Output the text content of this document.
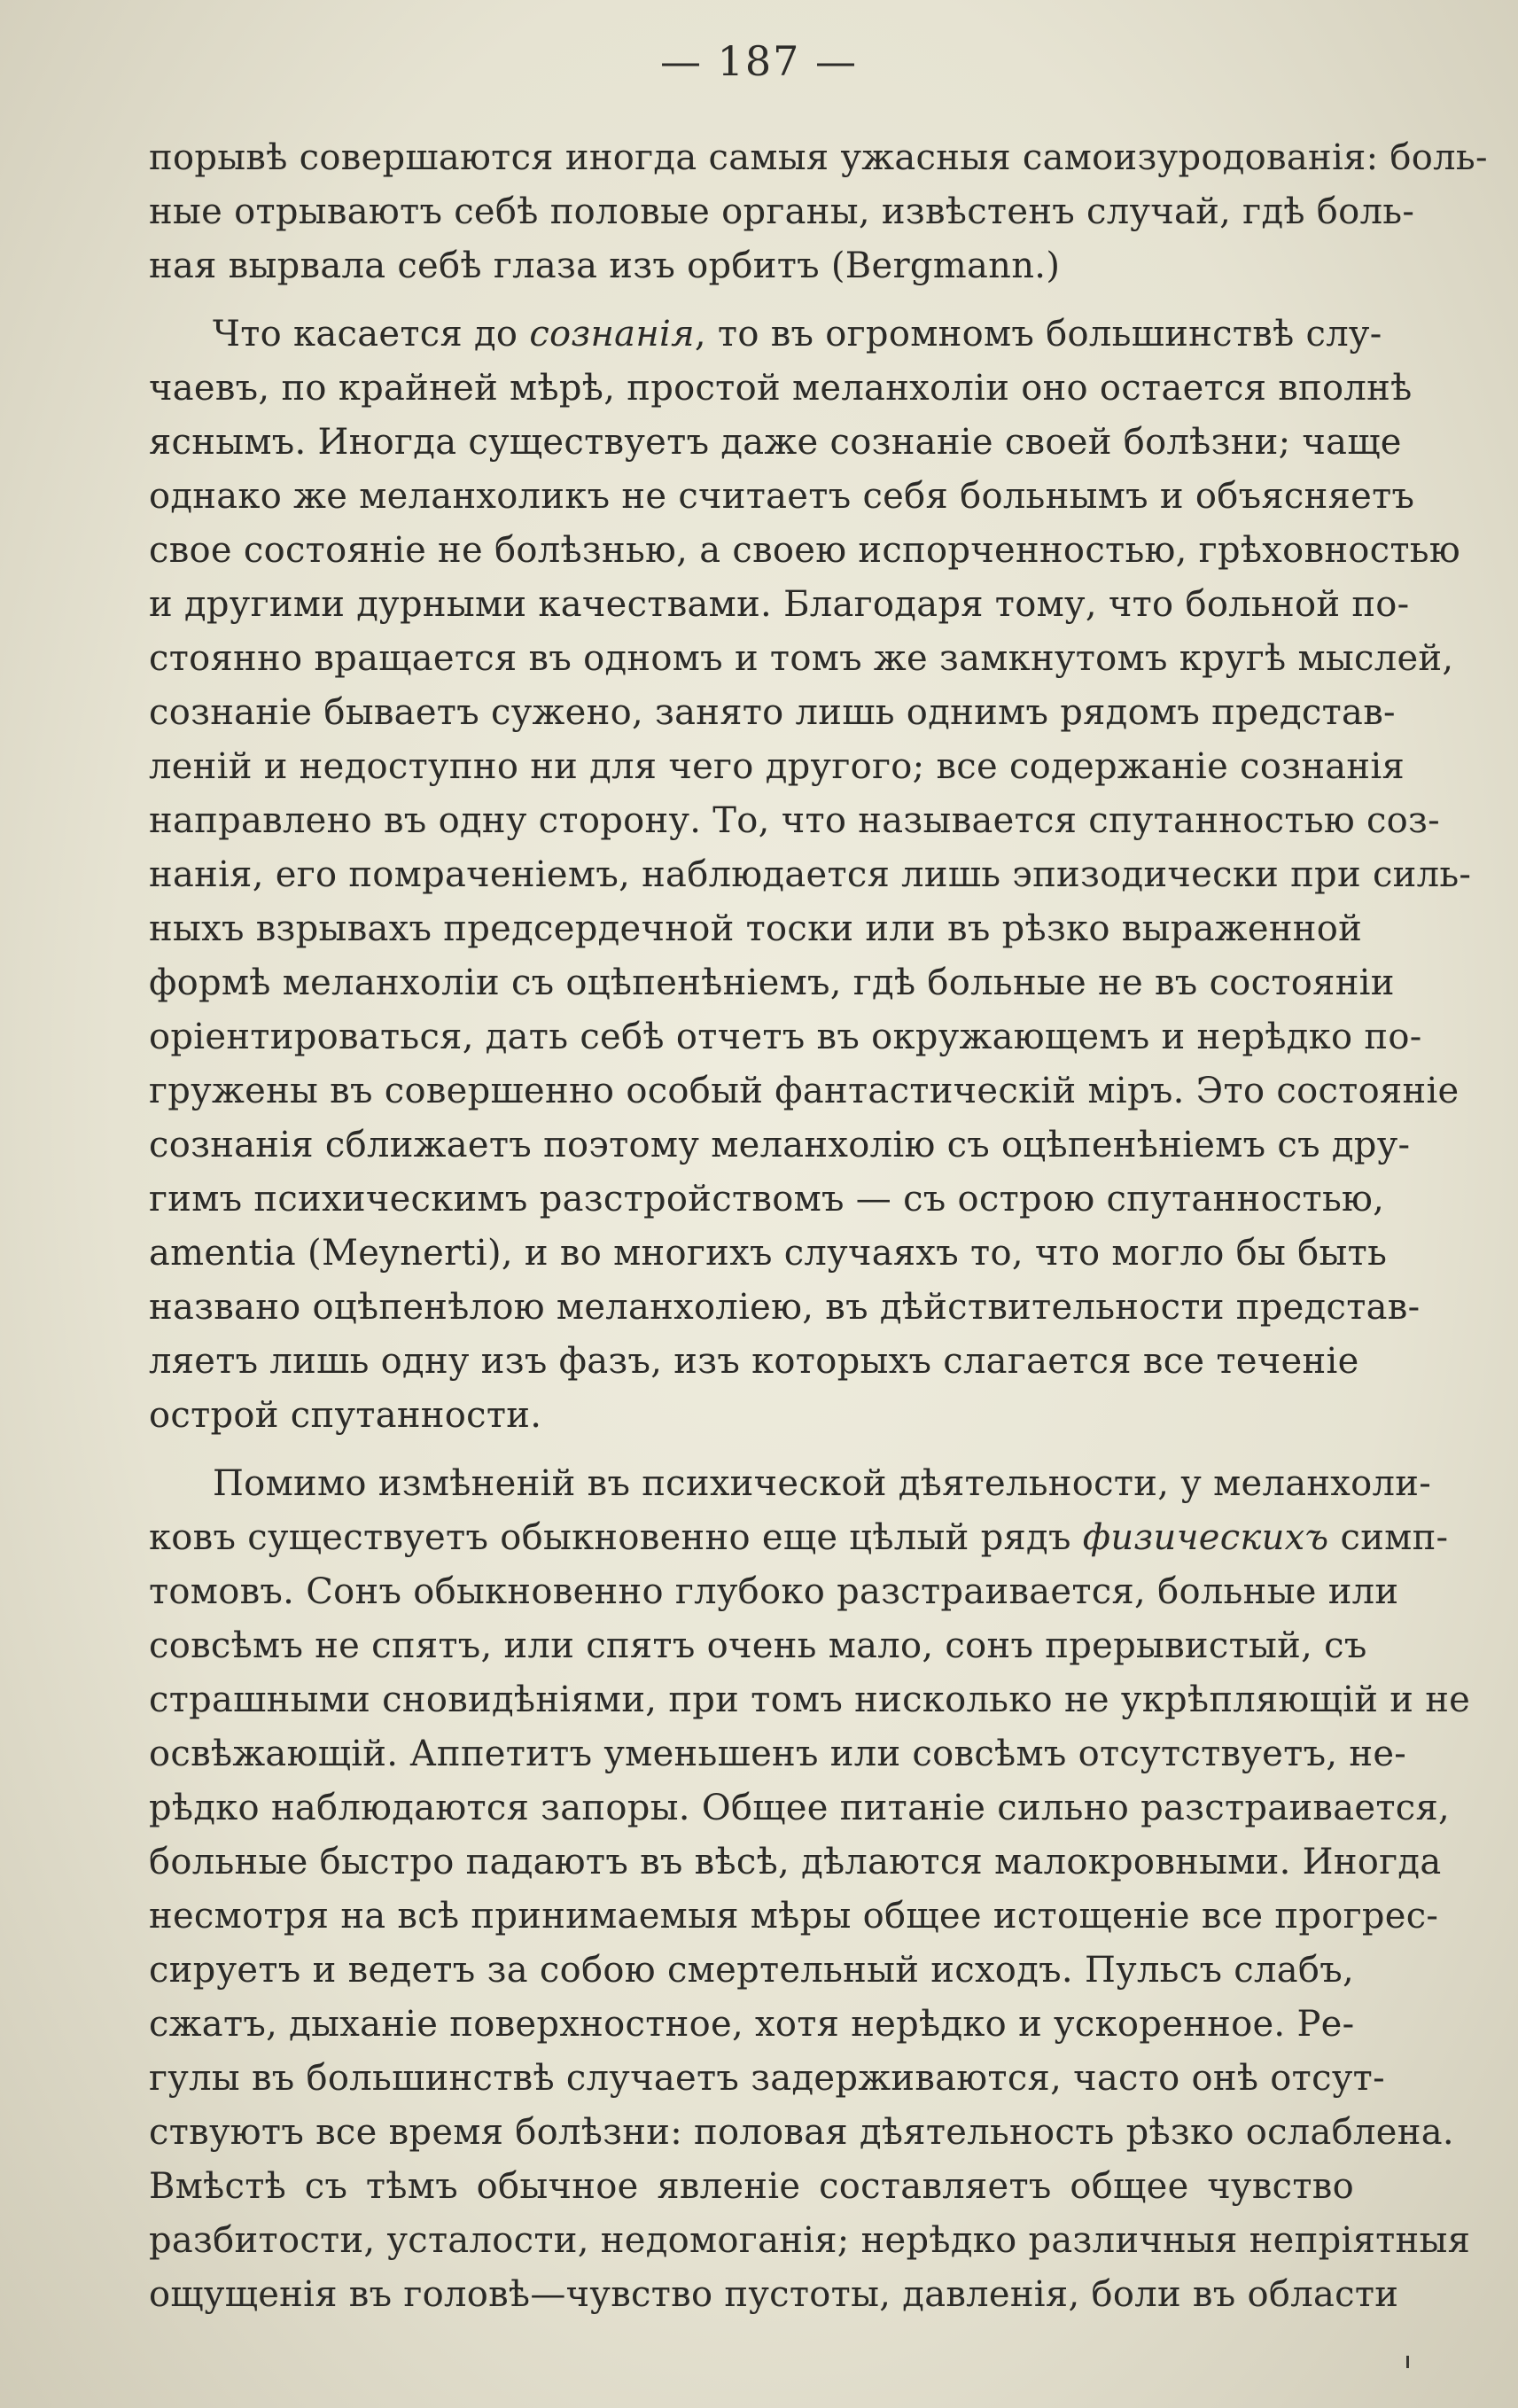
— 187 —
порывѣ совершаются иногда самыя ужасныя самоизуродованія: боль-
ные отрываютъ себѣ половые органы, извѣстенъ случай, гдѣ боль-
ная вырвала себѣ глаза изъ орбитъ (Bergmann.)
Что касается до сознанія, то въ огромномъ большинствѣ слу-
чаевъ, по крайней мѣрѣ, простой меланхоліи оно остается вполнѣ
яснымъ. Иногда существуетъ даже сознаніе своей болѣзни; чаще
однако же меланхоликъ не считаетъ себя больнымъ и объясняетъ
свое состояніе не болѣзнью, а своею испорченностью, грѣховностью
и другими дурными качествами. Благодаря тому, что больной по-
стоянно вращается въ одномъ и томъ же замкнутомъ кругѣ мыслей,
сознаніе бываетъ сужено, занято лишь однимъ рядомъ представ-
леній и недоступно ни для чего другого; все содержаніе сознанія
направлено въ одну сторону. То, что называется спутанностью соз-
нанія, его помраченіемъ, наблюдается лишь эпизодически при силь-
ныхъ взрывахъ предсердечной тоски или въ рѣзко выраженной
формѣ меланхоліи съ оцѣпенѣніемъ, гдѣ больные не въ состояніи
оріентироваться, дать себѣ отчетъ въ окружающемъ и нерѣдко по-
гружены въ совершенно особый фантастическій міръ. Это состояніе
сознанія сближаетъ поэтому меланхолію съ оцѣпенѣніемъ съ дру-
гимъ психическимъ разстройствомъ — съ острою спутанностью,
amentia (Meynerti), и во многихъ случаяхъ то, что могло бы быть
названо оцѣпенѣлою меланхоліею, въ дѣйствительности представ-
ляетъ лишь одну изъ фазъ, изъ которыхъ слагается все теченіе
острой спутанности.
Помимо измѣненій въ психической дѣятельности, у меланхоли-
ковъ существуетъ обыкновенно еще цѣлый рядъ физическихъ симп-
томовъ. Сонъ обыкновенно глубоко разстраивается, больные или
совсѣмъ не спятъ, или спятъ очень мало, сонъ прерывистый, съ
страшными сновидѣніями, при томъ нисколько не укрѣпляющій и не
освѣжающій. Аппетитъ уменьшенъ или совсѣмъ отсутствуетъ, не-
рѣдко наблюдаются запоры. Общее питаніе сильно разстраивается,
больные быстро падаютъ въ вѣсѣ, дѣлаются малокровными. Иногда
несмотря на всѣ принимаемыя мѣры общее истощеніе все прогрес-
сируетъ и ведетъ за собою смертельный исходъ. Пульсъ слабъ,
сжатъ, дыханіе поверхностное, хотя нерѣдко и ускоренное. Ре-
гулы въ большинствѣ случаетъ задерживаются, часто онѣ отсут-
ствуютъ все время болѣзни: половая дѣятельность рѣзко ослаблена.
Вмѣстѣ съ тѣмъ обычное явленіе составляетъ общее чувство
разбитости, усталости, недомоганія; нерѣдко различныя непріятныя
ощущенія въ головѣ—чувство пустоты, давленія, боли въ области
